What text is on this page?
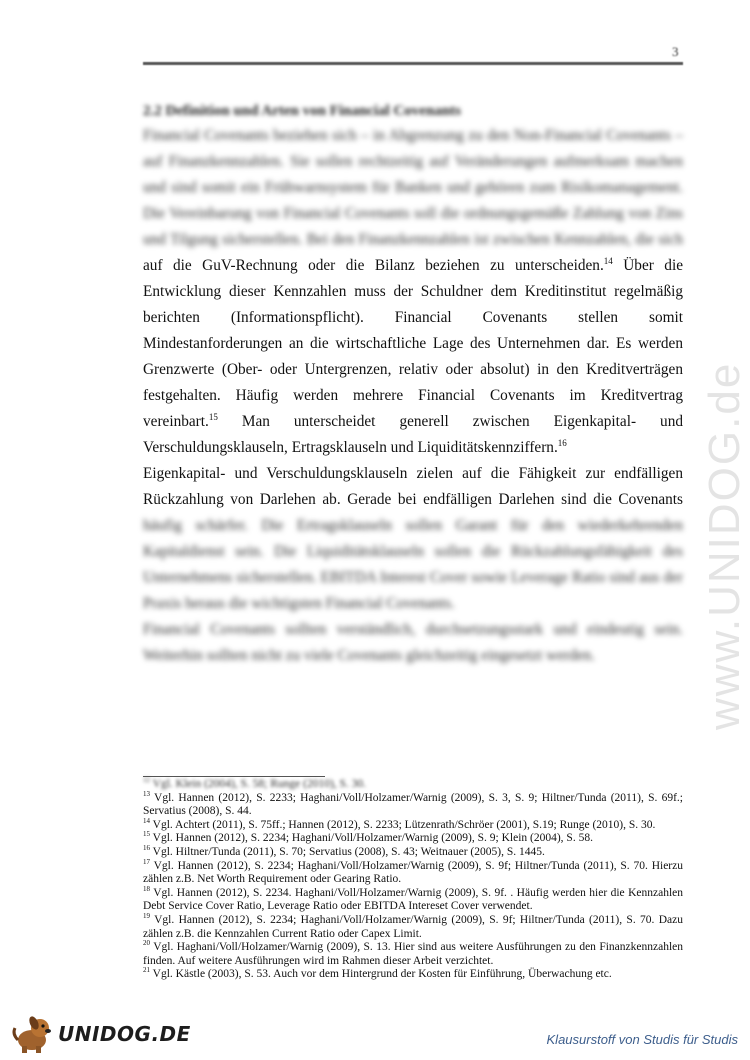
3
2.2 Definition und Arten von Financial Covenants

Financial Covenants beziehen sich – in Abgrenzung zu den Non-Financial Covenants – auf Finanzkennzahlen. Sie sollen rechtzeitig auf Veränderungen aufmerksam machen und sind somit ein Frühwarnsystem für Banken und gehören zum Risikomanagement. Die Vereinbarung von Financial Covenants soll die ordnungsgemäße Zahlung von Zins und Tilgung sicherstellen. Bei den Finanzkennzahlen ist zwischen Kennzahlen, die sich auf die GuV-Rechnung oder die Bilanz beziehen zu unterscheiden.$^{14}$ Über die Entwicklung dieser Kennzahlen muss der Schuldner dem Kreditinstitut regelmäßig berichten (Informationspflicht). Financial Covenants stellen somit Mindestanforderungen an die wirtschaftliche Lage des Unternehmen dar. Es werden Grenzwerte (Ober- oder Untergrenzen, relativ oder absolut) in den Kreditverträgen festgehalten. Häufig werden mehrere Financial Covenants im Kreditvertrag vereinbart.$^{15}$ Man unterscheidet generell zwischen Eigenkapital- und Verschuldungsklauseln, Ertragsklauseln und Liquiditätskennziffern.$^{16}$

Eigenkapital- und Verschuldungsklauseln zielen auf die Fähigkeit zur endfälligen Rückzahlung von Darlehen ab. Gerade bei endfälligen Darlehen sind die Covenants häufig schärfer. Die Ertragsklauseln sollen Garant für den wiederkehrenden Kapitaldienst sein. Die Liquiditätsklauseln sollen die Rückzahlungsfähigkeit des Unternehmens sicherstellen. EBITDA Interest Cover sowie Leverage Ratio sind aus der Praxis heraus die wichtigsten Financial Covenants.

Financial Covenants sollten verständlich, durchsetzungsstark und eindeutig sein. Weiterhin sollten nicht zu viele Covenants gleichzeitig eingesetzt werden.

$^{12}$ Vgl. Klein (2004), S. 58; Runge (2010), S. 30.

$^{13}$ Vgl. Hannen (2012), S. 2233; Haghani/Voll/Holzamer/Warnig (2009), S. 3, S. 9; Hiltner/Tunda (2011), S. 69f.; Servatius (2008), S. 44.

$^{14}$ Vgl. Achtert (2011), S. 75ff.; Hannen (2012), S. 2233; Lützenrath/Schröer (2001), S.19; Runge (2010), S. 30.

$^{15}$ Vgl. Hannen (2012), S. 2234; Haghani/Voll/Holzamer/Warnig (2009), S. 9; Klein (2004), S. 58.

$^{16}$ Vgl. Hiltner/Tunda (2011), S. 70; Servatius (2008), S. 43; Weitnauer (2005), S. 1445.

$^{17}$ Vgl. Hannen (2012), S. 2234; Haghani/Voll/Holzamer/Warnig (2009), S. 9f; Hiltner/Tunda (2011), S. 70. Hierzu zählen z.B. Net Worth Requirement oder Gearing Ratio.

$^{18}$ Vgl. Hannen (2012), S. 2234. Haghani/Voll/Holzamer/Warnig (2009), S. 9f. . Häufig werden hier die Kennzahlen Debt Service Cover Ratio, Leverage Ratio oder EBITDA Intereset Cover verwendet.

$^{19}$ Vgl. Hannen (2012), S. 2234; Haghani/Voll/Holzamer/Warnig (2009), S. 9f; Hiltner/Tunda (2011), S. 70. Dazu zählen z.B. die Kennzahlen Current Ratio oder Capex Limit.

$^{20}$ Vgl. Haghani/Voll/Holzamer/Warnig (2009), S. 13. Hier sind aus weitere Ausführungen zu den Finanzkennzahlen finden. Auf weitere Ausführungen wird im Rahmen dieser Arbeit verzichtet.

$^{21}$ Vgl. Kästle (2003), S. 53. Auch vor dem Hintergrund der Kosten für Einführung, Überwachung etc.

www.UNIDOG.de
UNIDOG.DE	Klausurstoff von Studis für Studis
